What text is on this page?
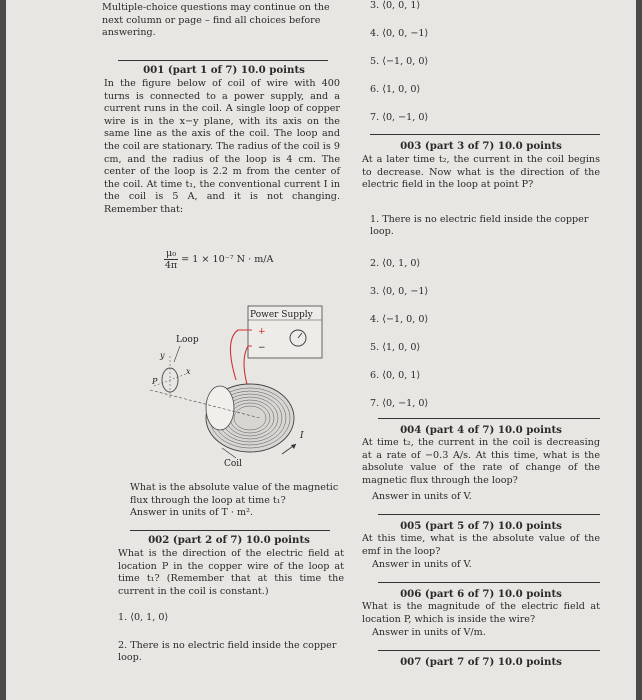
Multiple-choice questions may continue on the next column or page – find all choices before answering.
001 (part 1 of 7) 10.0 points
In the figure below of coil of wire with 400 turns is connected to a power supply, and a current runs in the coil. A single loop of copper wire is in the x−y plane, with its axis on the same line as the axis of the coil. The loop and the coil are stationary. The radius of the coil is 9 cm, and the radius of the loop is 4 cm. The center of the loop is 2.2 m from the center of the coil. At time t₁, the conventional current I in the coil is 5 A, and it is not changing. Remember that:
$\frac{\text{μ₀}}{4\pi} = 1 \times 10^{-7}$ N · m/A
Power Supply
+
−
Coil
I
Loop
y
x
P
What is the absolute value of the magnetic flux through the loop at time t₁?
Answer in units of T · m².
002 (part 2 of 7) 10.0 points
What is the direction of the electric field at location P in the copper wire of the loop at time t₁? (Remember that at this time the current in the coil is constant.)
1. ⟨0, 1, 0⟩
2. There is no electric field inside the copper loop.
3. ⟨0, 0, 1⟩
4. ⟨0, 0, −1⟩
5. ⟨−1, 0, 0⟩
6. ⟨1, 0, 0⟩
7. ⟨0, −1, 0⟩
003 (part 3 of 7) 10.0 points
At a later time t₂, the current in the coil begins to decrease. Now what is the direction of the electric field in the loop at point P?
1. There is no electric field inside the copper loop.
2. ⟨0, 1, 0⟩
3. ⟨0, 0, −1⟩
4. ⟨−1, 0, 0⟩
5. ⟨1, 0, 0⟩
6. ⟨0, 0, 1⟩
7. ⟨0, −1, 0⟩
004 (part 4 of 7) 10.0 points
At time t₂, the current in the coil is decreasing at a rate of −0.3 A/s. At this time, what is the absolute value of the rate of change of the magnetic flux through the loop?
Answer in units of V.
005 (part 5 of 7) 10.0 points
At this time, what is the absolute value of the emf in the loop?
Answer in units of V.
006 (part 6 of 7) 10.0 points
What is the magnitude of the electric field at location P, which is inside the wire?
Answer in units of V/m.
007 (part 7 of 7) 10.0 points
